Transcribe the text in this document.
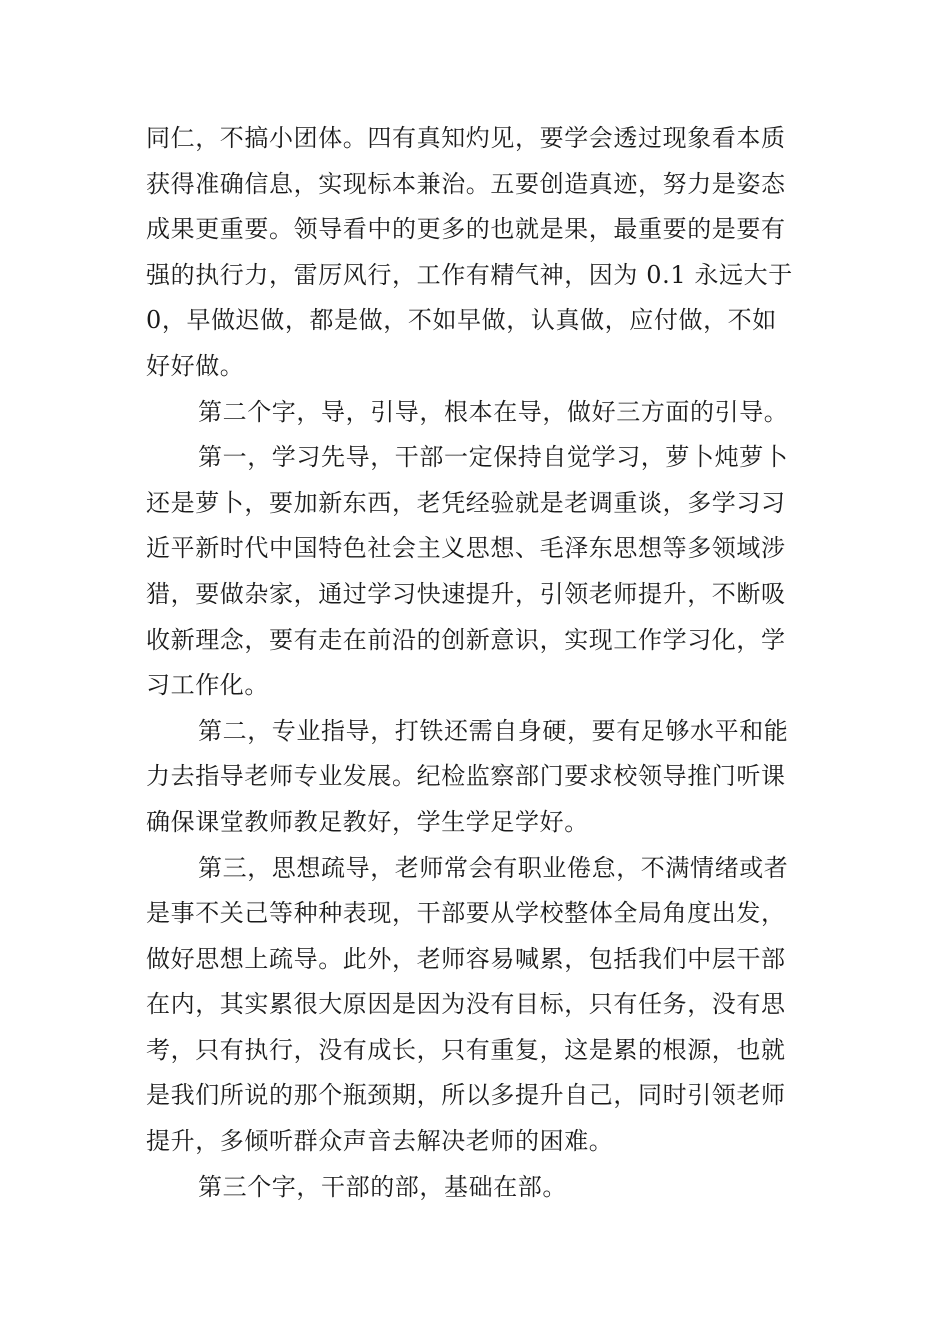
同仁，不搞小团体。四有真知灼见，要学会透过现象看本质
获得准确信息，实现标本兼治。五要创造真迹，努力是姿态
成果更重要。领导看中的更多的也就是果，最重要的是要有
强的执行力，雷厉风行，工作有精气神，因为 0.1 永远大于
0，早做迟做，都是做，不如早做，认真做，应付做，不如
好好做。
第二个字，导，引导，根本在导，做好三方面的引导。
第一，学习先导，干部一定保持自觉学习，萝卜炖萝卜
还是萝卜，要加新东西，老凭经验就是老调重谈，多学习习
近平新时代中国特色社会主义思想、毛泽东思想等多领域涉
猎，要做杂家，通过学习快速提升，引领老师提升，不断吸
收新理念，要有走在前沿的创新意识，实现工作学习化，学
习工作化。
第二，专业指导，打铁还需自身硬，要有足够水平和能
力去指导老师专业发展。纪检监察部门要求校领导推门听课
确保课堂教师教足教好，学生学足学好。
第三，思想疏导，老师常会有职业倦怠，不满情绪或者
是事不关己等种种表现，干部要从学校整体全局角度出发，
做好思想上疏导。此外，老师容易喊累，包括我们中层干部
在内，其实累很大原因是因为没有目标，只有任务，没有思
考，只有执行，没有成长，只有重复，这是累的根源，也就
是我们所说的那个瓶颈期，所以多提升自己，同时引领老师
提升，多倾听群众声音去解决老师的困难。
第三个字，干部的部，基础在部。
